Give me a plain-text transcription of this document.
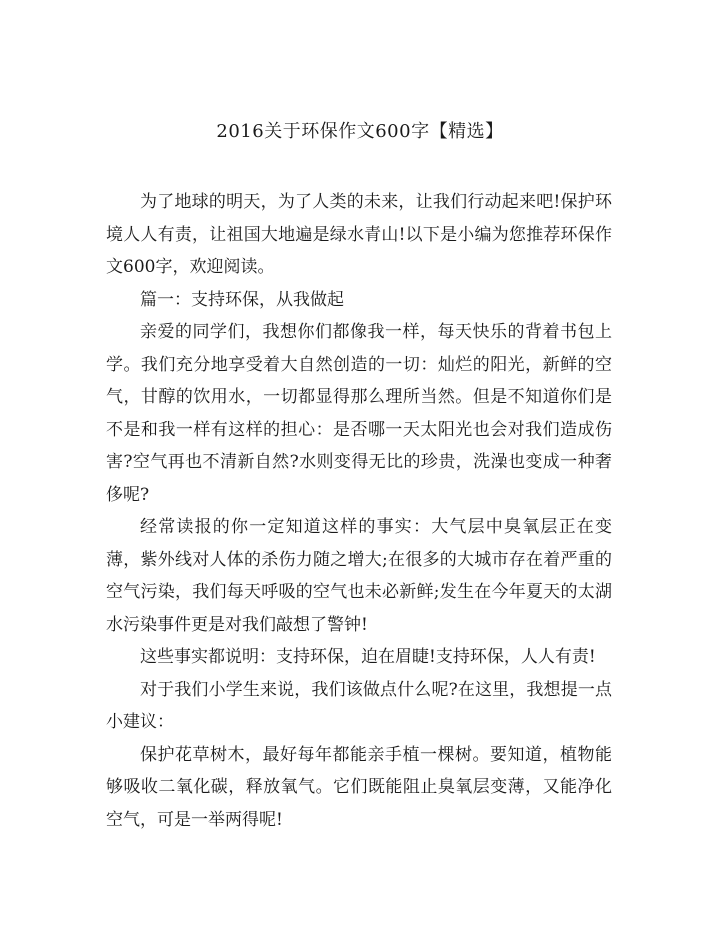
2016关于环保作文600字【精选】

为了地球的明天，为了人类的未来，让我们行动起来吧!保护环境人人有责，让祖国大地遍是绿水青山!以下是小编为您推荐环保作文600字，欢迎阅读。

篇一：支持环保，从我做起

亲爱的同学们，我想你们都像我一样，每天快乐的背着书包上学。我们充分地享受着大自然创造的一切：灿烂的阳光，新鲜的空气，甘醇的饮用水，一切都显得那么理所当然。但是不知道你们是不是和我一样有这样的担心：是否哪一天太阳光也会对我们造成伤害?空气再也不清新自然?水则变得无比的珍贵，洗澡也变成一种奢侈呢?

经常读报的你一定知道这样的事实：大气层中臭氧层正在变薄，紫外线对人体的杀伤力随之增大;在很多的大城市存在着严重的空气污染，我们每天呼吸的空气也未必新鲜;发生在今年夏天的太湖水污染事件更是对我们敲想了警钟!

这些事实都说明：支持环保，迫在眉睫!支持环保，人人有责!

对于我们小学生来说，我们该做点什么呢?在这里，我想提一点小建议：

保护花草树木，最好每年都能亲手植一棵树。要知道，植物能够吸收二氧化碳，释放氧气。它们既能阻止臭氧层变薄，又能净化空气，可是一举两得呢!
